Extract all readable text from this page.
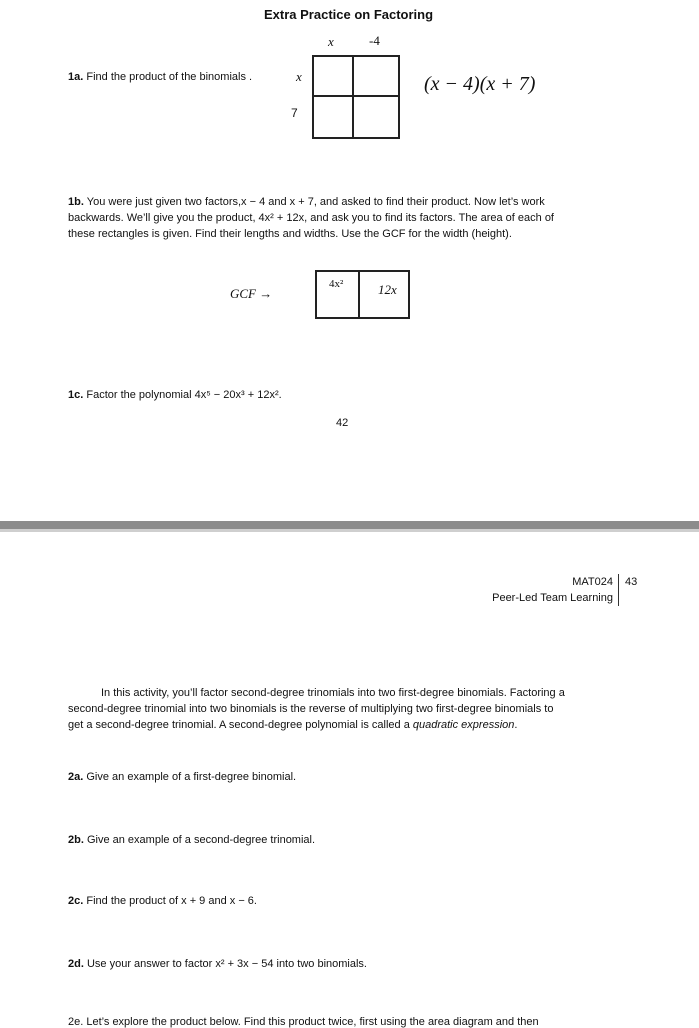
Extra Practice on Factoring
x	-4
1a. Find the product of the binomials .	x
7
(x − 4)(x + 7)
1b. You were just given two factors,x − 4 and x + 7, and asked to find their product. Now let’s work
backwards. We’ll give you the product, 4x² + 12x, and ask you to find its factors. The area of each of
these rectangles is given. Find their lengths and widths. Use the GCF for the width (height).
GCF →
4x²	12x
1c. Factor the polynomial 4x⁵ − 20x³ + 12x².
42
MAT024
Peer-Led Team Learning
43
In this activity, you’ll factor second-degree trinomials into two first-degree binomials. Factoring a
second-degree trinomial into two binomials is the reverse of multiplying two first-degree binomials to
get a second-degree trinomial. A second-degree polynomial is called a quadratic expression.
2a. Give an example of a first-degree binomial.
2b. Give an example of a second-degree trinomial.
2c. Find the product of x + 9 and x − 6.
2d. Use your answer to factor x² + 3x − 54 into two binomials.
2e. Let’s explore the product below. Find this product twice, first using the area diagram and then
